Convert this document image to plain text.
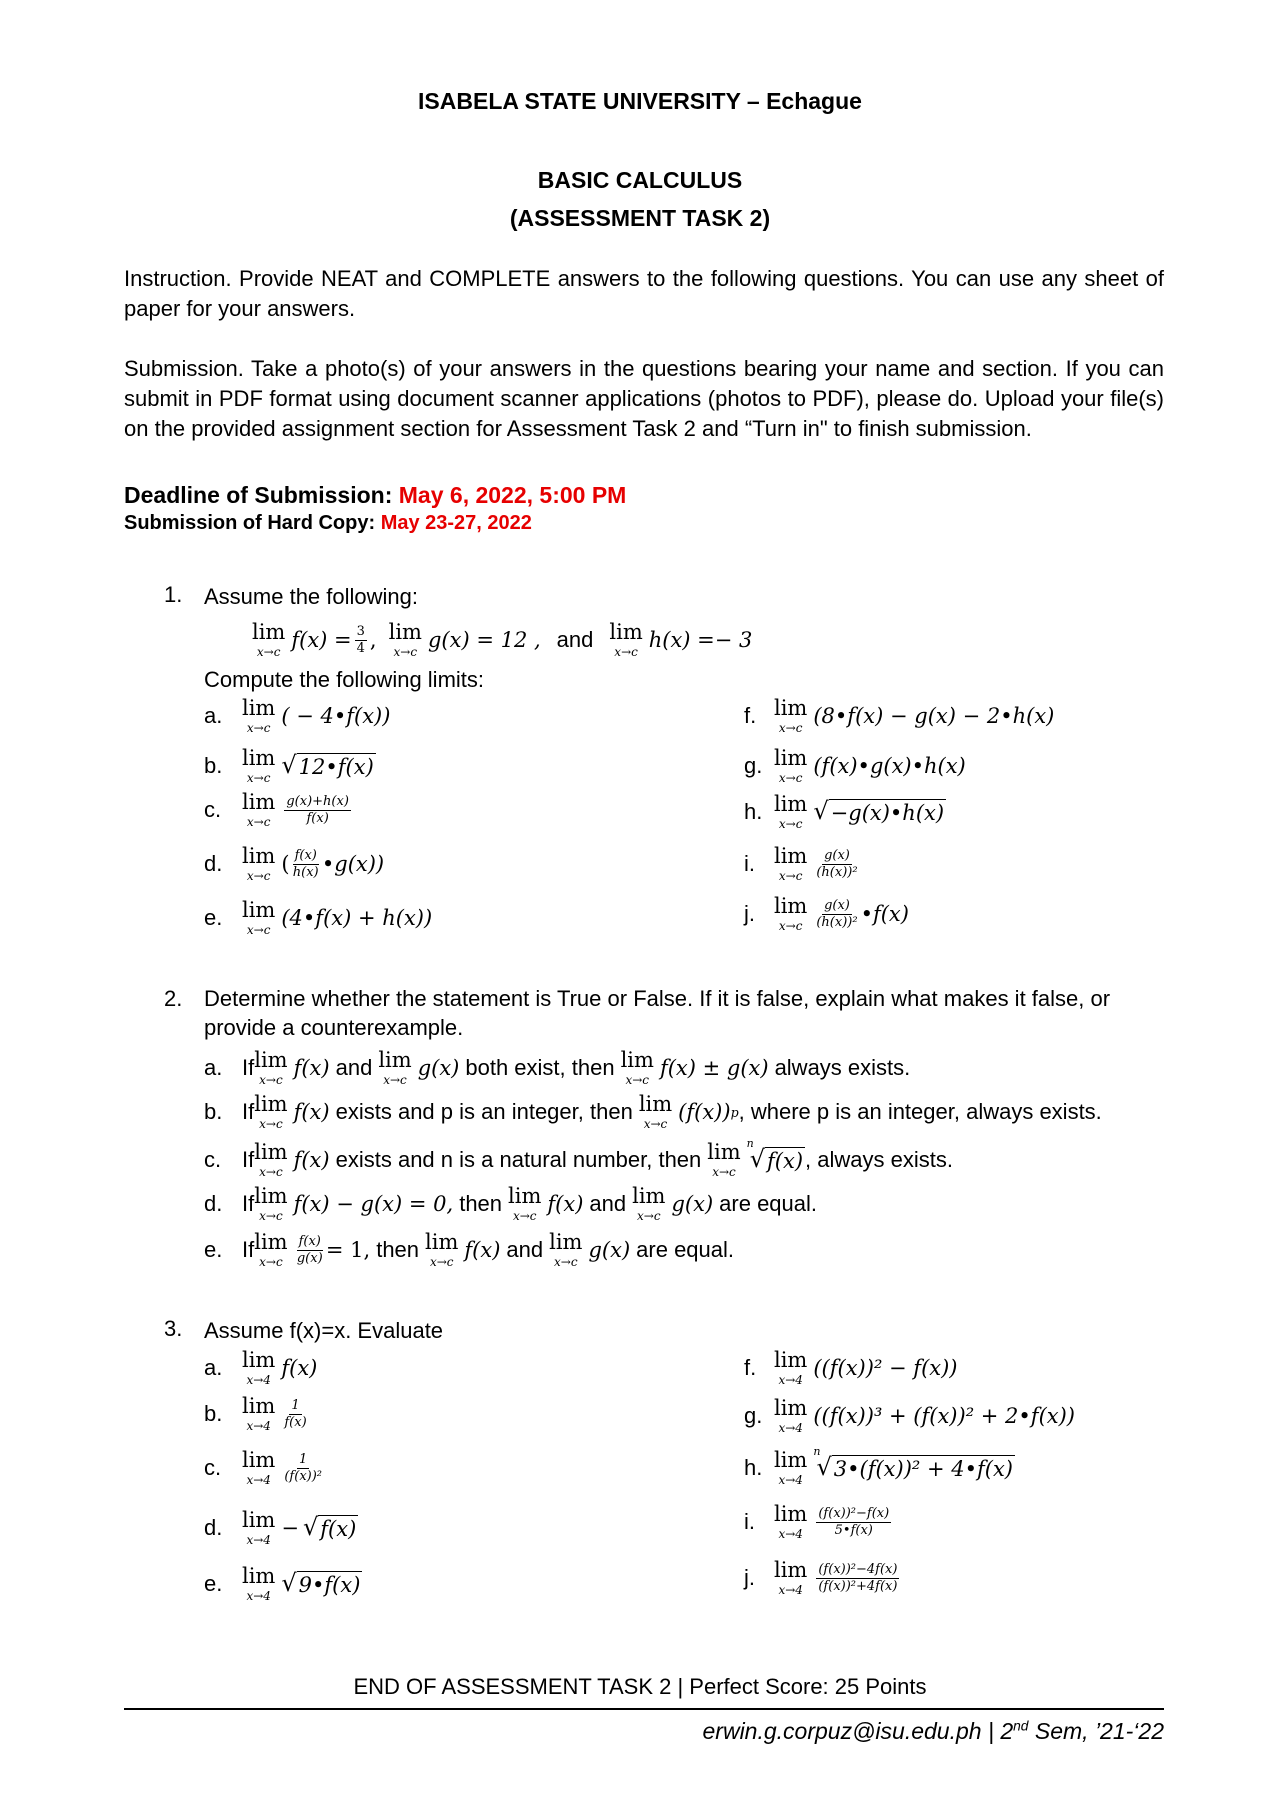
ISABELA STATE UNIVERSITY – Echague
BASIC CALCULUS
(ASSESSMENT TASK 2)
Instruction. Provide NEAT and COMPLETE answers to the following questions. You can use any sheet of paper for your answers.
Submission. Take a photo(s) of your answers in the questions bearing your name and section. If you can submit in PDF format using document scanner applications (photos to PDF), please do. Upload your file(s) on the provided assignment section for Assessment Task 2 and “Turn in" to finish submission.
Deadline of Submission: May 6, 2022, 5:00 PM
Submission of Hard Copy: May 23-27, 2022
1. Assume the following:
lim
x→c $f(x) = \frac{3}{4}$ , lim
x→c g(x) = 12 , and lim
x→c h(x) =− 3
Compute the following limits:
a. lim
x→c ( − 4•f(x))
b. lim
x→c √ 12•f(x)
c. lim
$x\to c \frac{g(x)+h(x)}{f(x)}$
d. lim
x→c ( $\frac{f(x)}{h(x)}$ •g(x))
e. lim
x→c (4•f(x) + h(x))
f. lim
x→c (8•f(x) − g(x) − 2•h(x)
g. lim
x→c (f(x)•g(x)•h(x)
h. lim
x→c √ −g(x)•h(x)
i. lim
$x\to c \frac{g(x)}{\text{(h(x))²}}$
j. lim
$x\to c \frac{g(x)}{\text{(h(x))²}}$ •f(x)
2. Determine whether the statement is True or False. If it is false, explain what makes it false, or provide a counterexample.
a. If lim
x→c f(x) and lim
x→c g(x) both exist, then lim
x→c f(x) ± g(x) always exists.
b. If lim
x→c f(x) exists and p is an integer, then lim
x→c (f(x)) p , where p is an integer, always exists.
c. If lim
x→c f(x) exists and n is a natural number, then lim
x→c
n
√ f(x) , always exists.
d. If lim
x→c f(x) − g(x) = 0, then lim
x→c f(x) and lim
x→c g(x) are equal.
e. If lim
$x\to c \frac{f(x)}{g(x)} = 1$, then lim
x→c f(x) and lim
x→c g(x) are equal.
3. Assume f(x)=x. Evaluate
a. lim
x→4 f(x)
b. lim
$x\to 4 \frac{1}{f(x)}$
c. lim
$x\to 4 \frac{1}{\text{(f(x))²}}$
d. lim
x→4 − √ f(x)
e. lim
x→4 √ 9•f(x)
f. lim
x→4 ((f(x))² − f(x))
g. lim
x→4 ((f(x))³ + (f(x))² + 2•f(x))
h. lim
x→4
n
√ 3•(f(x))² + 4•f(x)
i. lim
$x\to 4 \frac{\text{(f(x))²−f(x)}}{5•f(x)}$
j. lim
$x\to 4 \frac{\text{(f(x))²−4f(x)}}{\text{(f(x))²+4f(x)}}$
END OF ASSESSMENT TASK 2 | Perfect Score: 25 Points
erwin.g.corpuz@isu.edu.ph | 2nd Sem, ’21-‘22
